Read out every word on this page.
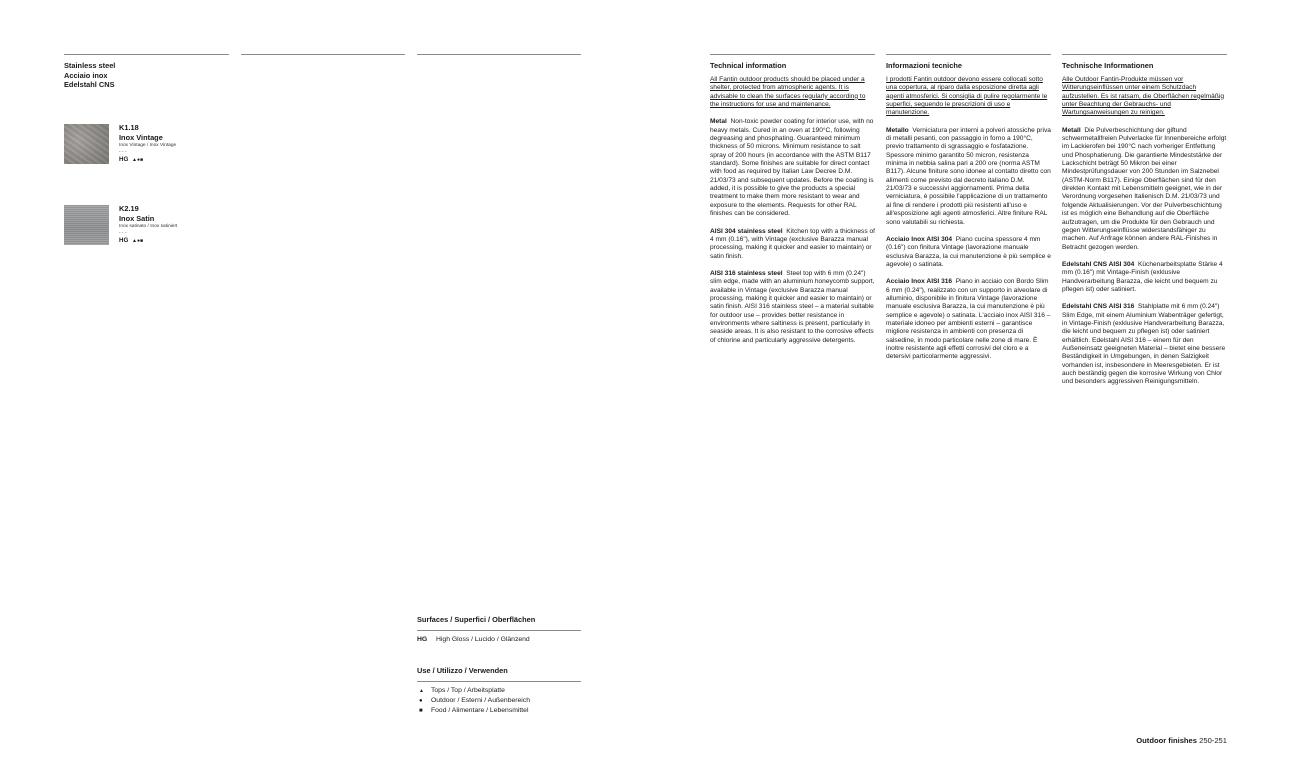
Stainless steel
Acciaio inox
Edelstahl CNS
K1.18
Inox Vintage
Inox Vintage / Inox Vintage
- - -
HG ▲●■
K2.19
Inox Satin
Inox satinato / Inox satiniert
- - -
HG ▲●■
Surfaces / Superfici / Oberflächen
HG High Gloss / Lucido / Glänzend
Use / Utilizzo / Verwenden
▲ Tops / Top / Arbeitsplatte
● Outdoor / Esterni / Außenbereich
■ Food / Alimentare / Lebensmittel
Technical information

All Fantin outdoor products should be placed under a shelter, protected from atmospheric agents. It is advisable to clean the surfaces regularly according to the instructions for use and maintenance.

Metal Non-toxic powder coating for interior use, with no heavy metals. Cured in an oven at 190°C, following degreasing and phosphating. Guaranteed minimum thickness of 50 microns. Minimum resistance to salt spray of 200 hours (in accordance with the ASTM B117 standard). Some finishes are suitable for direct contact with food as required by Italian Law Decree D.M. 21/03/73 and subsequent updates. Before the coating is added, it is possible to give the products a special treatment to make them more resistant to wear and exposure to the elements. Requests for other RAL finishes can be considered.

AISI 304 stainless steel Kitchen top with a thickness of 4 mm (0.16"), with Vintage (exclusive Barazza manual processing, making it quicker and easier to maintain) or satin finish.

AISI 316 stainless steel Steel top with 6 mm (0.24") slim edge, made with an aluminium honeycomb support, available in Vintage (exclusive Barazza manual processing, making it quicker and easier to maintain) or satin finish. AISI 316 stainless steel – a material suitable for outdoor use – provides better resistance in environments where saltiness is present, particularly in seaside areas. It is also resistant to the corrosive effects of chlorine and particularly aggressive detergents.

Informazioni tecniche

I prodotti Fantin outdoor devono essere collocati sotto una copertura, al riparo dalla esposizione diretta agli agenti atmosferici. Si consiglia di pulire regolarmente le superfici, seguendo le prescrizioni di uso e manutenzione.

Metallo Verniciatura per interni a polveri atossiche priva di metalli pesanti, con passaggio in forno a 190°C, previo trattamento di sgrassaggio e fosfatazione. Spessore minimo garantito 50 micron, resistenza minima in nebbia salina pari a 200 ore (norma ASTM B117). Alcune finiture sono idonee al contatto diretto con alimenti come previsto dal decreto italiano D.M. 21/03/73 e successivi aggiornamenti. Prima della verniciatura, è possibile l'applicazione di un trattamento al fine di rendere i prodotti più resistenti all'uso e all'esposizione agli agenti atmosferici. Altre finiture RAL sono valutabili su richiesta.

Acciaio Inox AISI 304 Piano cucina spessore 4 mm (0.16") con finitura Vintage (lavorazione manuale esclusiva Barazza, la cui manutenzione è più semplice e agevole) o satinata.

Acciaio Inox AISI 316 Piano in acciaio con Bordo Slim 6 mm (0.24"), realizzato con un supporto in alveolare di alluminio, disponibile in finitura Vintage (lavorazione manuale esclusiva Barazza, la cui manutenzione è più semplice e agevole) o satinata. L'acciaio inox AISI 316 – materiale idoneo per ambienti esterni – garantisce migliore resistenza in ambienti con presenza di salsedine, in modo particolare nelle zone di mare. È inoltre resistente agli effetti corrosivi del cloro e a detersivi particolarmente aggressivi.

Technische Informationen

Alle Outdoor Fantin-Produkte müssen vor Witterungseinflüssen unter einem Schutzdach aufzustellen. Es ist ratsam, die Oberflächen regelmäßig unter Beachtung der Gebrauchs- und Wartungsanweisungen zu reinigen.

Metall Die Pulverbeschichtung der giftund schwermetallfreien Pulverlacke für Innenbereiche erfolgt im Lackierofen bei 190°C nach vorheriger Entfettung und Phosphatierung. Die garantierte Mindeststärke der Lackschicht beträgt 50 Mikron bei einer Mindestprüfungsdauer von 200 Stunden im Salznebel (ASTM-Norm B117). Einige Oberflächen sind für den direkten Kontakt mit Lebensmitteln geeignet, wie in der Verordnung vorgesehen Italienisch D.M. 21/03/73 und folgende Aktualisierungen. Vor der Pulverbeschichtung ist es möglich eine Behandlung auf die Oberfläche aufzutragen, um die Produkte für den Gebrauch und gegen Witterungseinflüsse widerstandsfähiger zu machen. Auf Anfrage können andere RAL-Finishes in Betracht gezogen werden.

Edelstahl CNS AISI 304 Küchenarbeitsplatte Stärke 4 mm (0.16") mit Vintage-Finish (exklusive Handverarbeitung Barazza, die leicht und bequem zu pflegen ist) oder satiniert.

Edelstahl CNS AISI 316 Stahlplatte mit 6 mm (0.24") Slim Edge, mit einem Aluminium Wabenträger gefertigt, in Vintage-Finish (exklusive Handverarbeitung Barazza, die leicht und bequem zu pflegen ist) oder satiniert erhältlich. Edelstahl AISI 316 – einem für den Außeneinsatz geeigneten Material – bietet eine bessere Beständigkeit in Umgebungen, in denen Salzigkeit vorhanden ist, insbesondere in Meeresgebieten. Er ist auch beständig gegen die korrosive Wirkung von Chlor und besonders aggressiven Reinigungsmitteln.

Outdoor finishes 250-251
